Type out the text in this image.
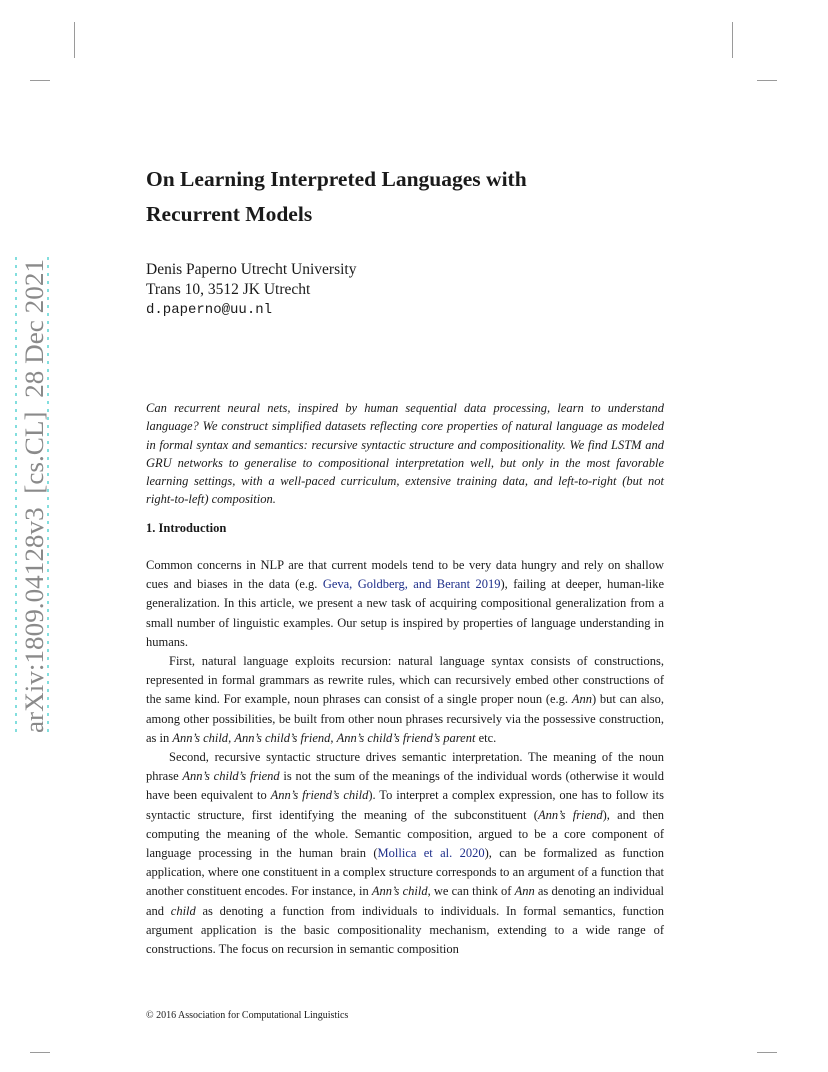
arXiv:1809.04128v3  [cs.CL]  28 Dec 2021
On Learning Interpreted Languages with
Recurrent Models
Denis Paperno Utrecht University
Trans 10, 3512 JK Utrecht
d.paperno@uu.nl
Can recurrent neural nets, inspired by human sequential data processing, learn to understand language? We construct simplified datasets reflecting core properties of natural language as modeled in formal syntax and semantics: recursive syntactic structure and compositionality. We find LSTM and GRU networks to generalise to compositional interpretation well, but only in the most favorable learning settings, with a well-paced curriculum, extensive training data, and left-to-right (but not right-to-left) composition.
1. Introduction

Common concerns in NLP are that current models tend to be very data hungry and rely on shallow cues and biases in the data (e.g. Geva, Goldberg, and Berant 2019), failing at deeper, human-like generalization. In this article, we present a new task of acquiring compositional generalization from a small number of linguistic examples. Our setup is inspired by properties of language understanding in humans.

First, natural language exploits recursion: natural language syntax consists of constructions, represented in formal grammars as rewrite rules, which can recursively embed other constructions of the same kind. For example, noun phrases can consist of a single proper noun (e.g. Ann) but can also, among other possibilities, be built from other noun phrases recursively via the possessive construction, as in Ann’s child, Ann’s child’s friend, Ann’s child’s friend’s parent etc.

Second, recursive syntactic structure drives semantic interpretation. The meaning of the noun phrase Ann’s child’s friend is not the sum of the meanings of the individual words (otherwise it would have been equivalent to Ann’s friend’s child). To interpret a complex expression, one has to follow its syntactic structure, first identifying the meaning of the subconstituent (Ann’s friend), and then computing the meaning of the whole. Semantic composition, argued to be a core component of language processing in the human brain (Mollica et al. 2020), can be formalized as function application, where one constituent in a complex structure corresponds to an argument of a function that another constituent encodes. For instance, in Ann’s child, we can think of Ann as denoting an individual and child as denoting a function from individuals to individuals. In formal semantics, function argument application is the basic compositionality mechanism, extending to a wide range of constructions. The focus on recursion in semantic composition

© 2016 Association for Computational Linguistics
